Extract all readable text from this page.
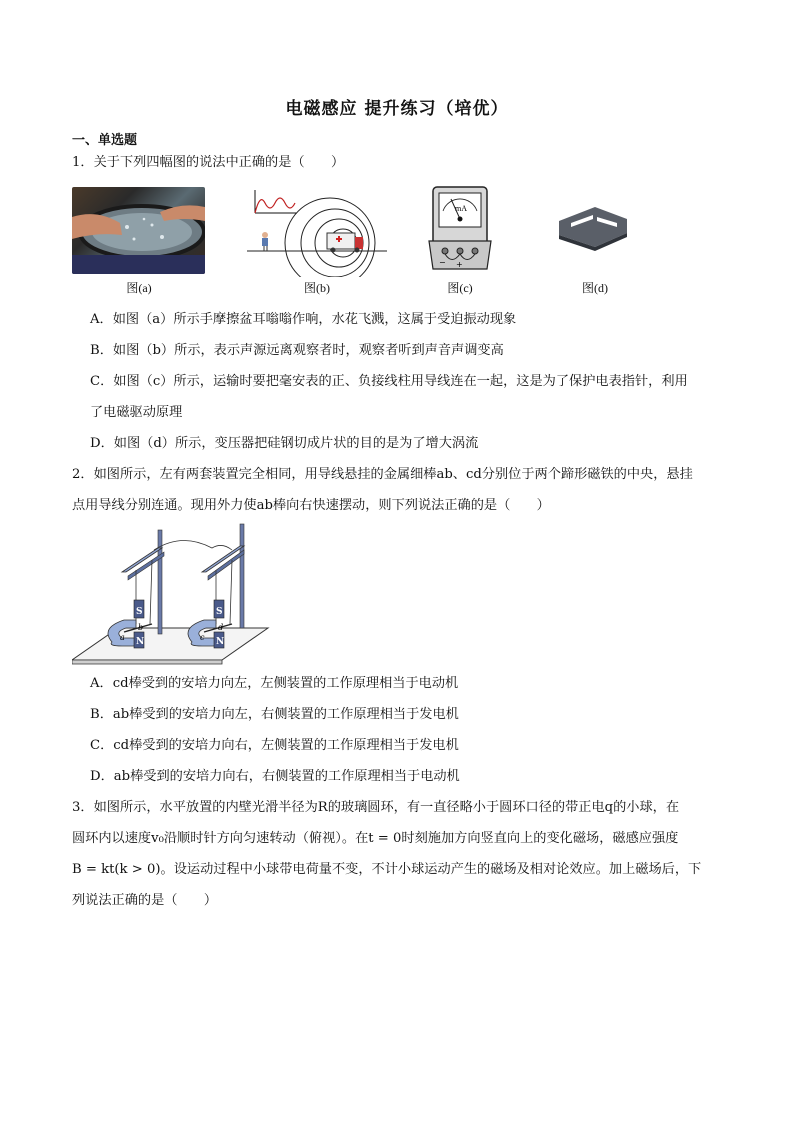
电磁感应 提升练习（培优）
一、单选题
1．关于下列四幅图的说法中正确的是（　　）
图(a)	图(b)
mA
− +
图(c)	图(d)
A．如图（a）所示手摩擦盆耳嗡嗡作响，水花飞溅，这属于受迫振动现象
B．如图（b）所示，表示声源远离观察者时，观察者听到声音声调变高
C．如图（c）所示，运输时要把毫安表的正、负接线柱用导线连在一起，这是为了保护电表指针，利用
了电磁驱动原理
D．如图（d）所示，变压器把硅钢切成片状的目的是为了增大涡流
2．如图所示，左有两套装置完全相同，用导线悬挂的金属细棒ab、cd分别位于两个蹄形磁铁的中央，悬挂
点用导线分别连通。现用外力使ab棒向右快速摆动，则下列说法正确的是（　　）
S
N
a
b
S
N
c
d
A．cd棒受到的安培力向左，左侧装置的工作原理相当于电动机
B．ab棒受到的安培力向左，右侧装置的工作原理相当于发电机
C．cd棒受到的安培力向右，左侧装置的工作原理相当于发电机
D．ab棒受到的安培力向右，右侧装置的工作原理相当于电动机
3．如图所示，水平放置的内壁光滑半径为R的玻璃圆环，有一直径略小于圆环口径的带正电q的小球，在
圆环内以速度v₀沿顺时针方向匀速转动（俯视）。在t = 0时刻施加方向竖直向上的变化磁场，磁感应强度
B = kt(k > 0)。设运动过程中小球带电荷量不变，不计小球运动产生的磁场及相对论效应。加上磁场后，下
列说法正确的是（　　）
